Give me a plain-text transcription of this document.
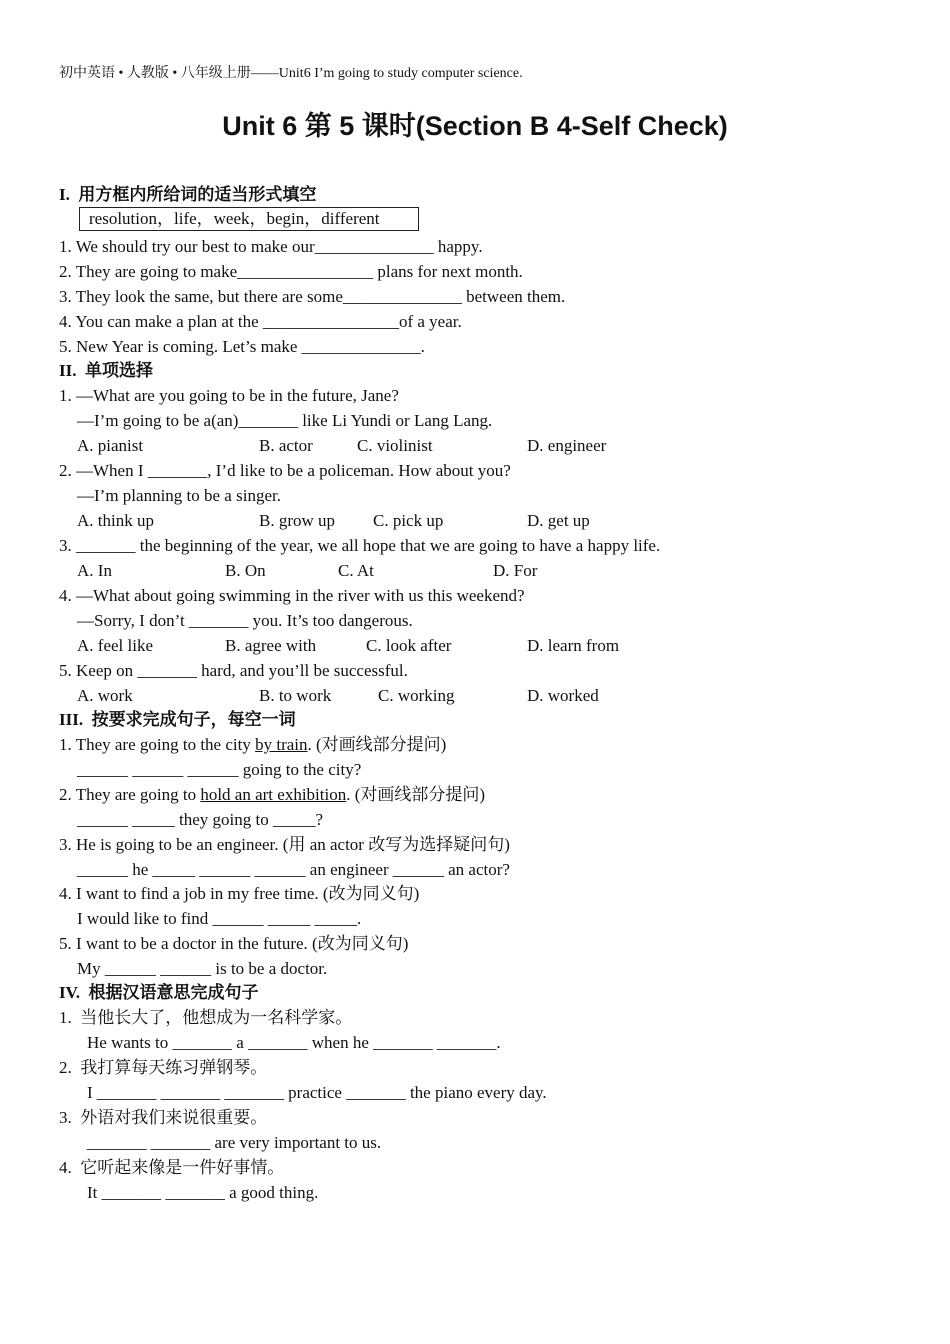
初中英语 • 人教版 • 八年级上册——Unit6 I’m going to study computer science.
Unit 6 第 5 课时(Section B 4-Self Check)
I.  用方框内所给词的适当形式填空
resolution，life，week，begin，different
1. We should try our best to make our______________ happy.
2. They are going to make________________ plans for next month.
3. They look the same, but there are some______________ between them.
4. You can make a plan at the ________________of a year.
5. New Year is coming. Let’s make ______________.
II.  单项选择
1. —What are you going to be in the future, Jane?
—I’m going to be a(an)_______ like Li Yundi or Lang Lang.
A. pianist	B. actor	C. violinist	D. engineer
2. —When I _______, I’d like to be a policeman. How about you?
—I’m planning to be a singer.
A. think up	B. grow up C. pick up	D. get up
3. _______ the beginning of the year, we all hope that we are going to have a happy life.
A. In	B. On	C. At	D. For
4. —What about going swimming in the river with us this weekend?
—Sorry, I don’t _______ you. It’s too dangerous.
A. feel like	B. agree with	C. look after	D. learn from
5. Keep on _______ hard, and you’ll be successful.
A. work	B. to work	C. working	D. worked
III.  按要求完成句子，每空一词
1. They are going to the city by train. (对画线部分提问)
______ ______ ______ going to the city?
2. They are going to hold an art exhibition. (对画线部分提问)
______ _____ they going to _____?
3. He is going to be an engineer. (用 an actor 改写为选择疑问句)
______ he _____ ______ ______ an engineer ______ an actor?
4. I want to find a job in my free time. (改为同义句)
I would like to find ______ _____ _____.
5. I want to be a doctor in the future. (改为同义句)
My ______ ______ is to be a doctor.
IV.  根据汉语意思完成句子
1.  当他长大了，他想成为一名科学家。
He wants to _______ a _______ when he _______ _______.
2.  我打算每天练习弹钢琴。
I _______ _______ _______ practice _______ the piano every day.
3.  外语对我们来说很重要。
_______ _______ are very important to us.
4.  它听起来像是一件好事情。
It _______ _______ a good thing.
